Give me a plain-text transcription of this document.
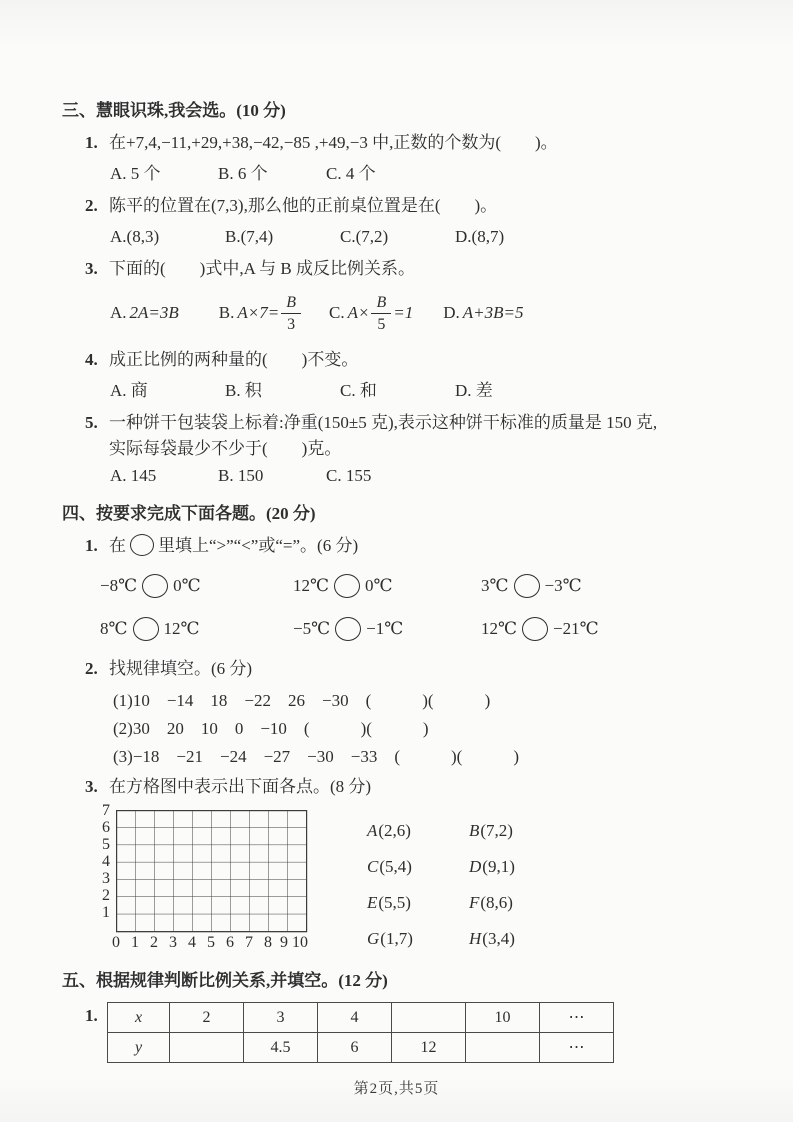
三、慧眼识珠,我会选。(10 分)
1. 在+7,4,−11,+29,+38,−42,−85 ,+49,−3 中,正数的个数为(　　)。
A. 5 个	B. 6 个	C. 4 个
2. 陈平的位置在(7,3),那么他的正前桌位置是在(　　)。
A.(8,3)	B.(7,4)	C.(7,2)	D.(8,7)
3. 下面的(　　)式中,A 与 B 成反比例关系。
A. 2A=3B B. $A\times 7= \frac{B}{3} C$. $A\times \frac{B}{5} =1$ D. A+3B=5
4. 成正比例的两种量的(　　)不变。
A. 商	B. 积	C. 和	D. 差
5. 一种饼干包装袋上标着:净重(150±5 克),表示这种饼干标准的质量是 150 克,
实际每袋最少不少于(　　)克。
A. 145	B. 150	C. 155
四、按要求完成下面各题。(20 分)
1. 在 里填上“>”“<”或“=”。(6 分)
−8℃ 0℃	12℃ 0℃	3℃ −3℃
8℃ 12℃	−5℃ −1℃	12℃ −21℃
2. 找规律填空。(6 分)
(1)10　−14　18　−22　26　−30　(　　　)(　　　)
(2)30　20　10　0　−10　(　　　)(　　　)
(3)−18　−21　−24　−27　−30　−33　(　　　)(　　　)
3. 在方格图中表示出下面各点。(8 分)
7
6
5
4
3
2
1
0 1 2 3 4 5 6 7 8 9 10
A(2,6)	B(7,2)
C(5,4)	D(9,1)
E(5,5)	F(8,6)
G(1,7)	H(3,4)
五、根据规律判断比例关系,并填空。(12 分)
1.	x	2	3	4		10	⋯
y		4.5	6	12		⋯
第2页,共5页
